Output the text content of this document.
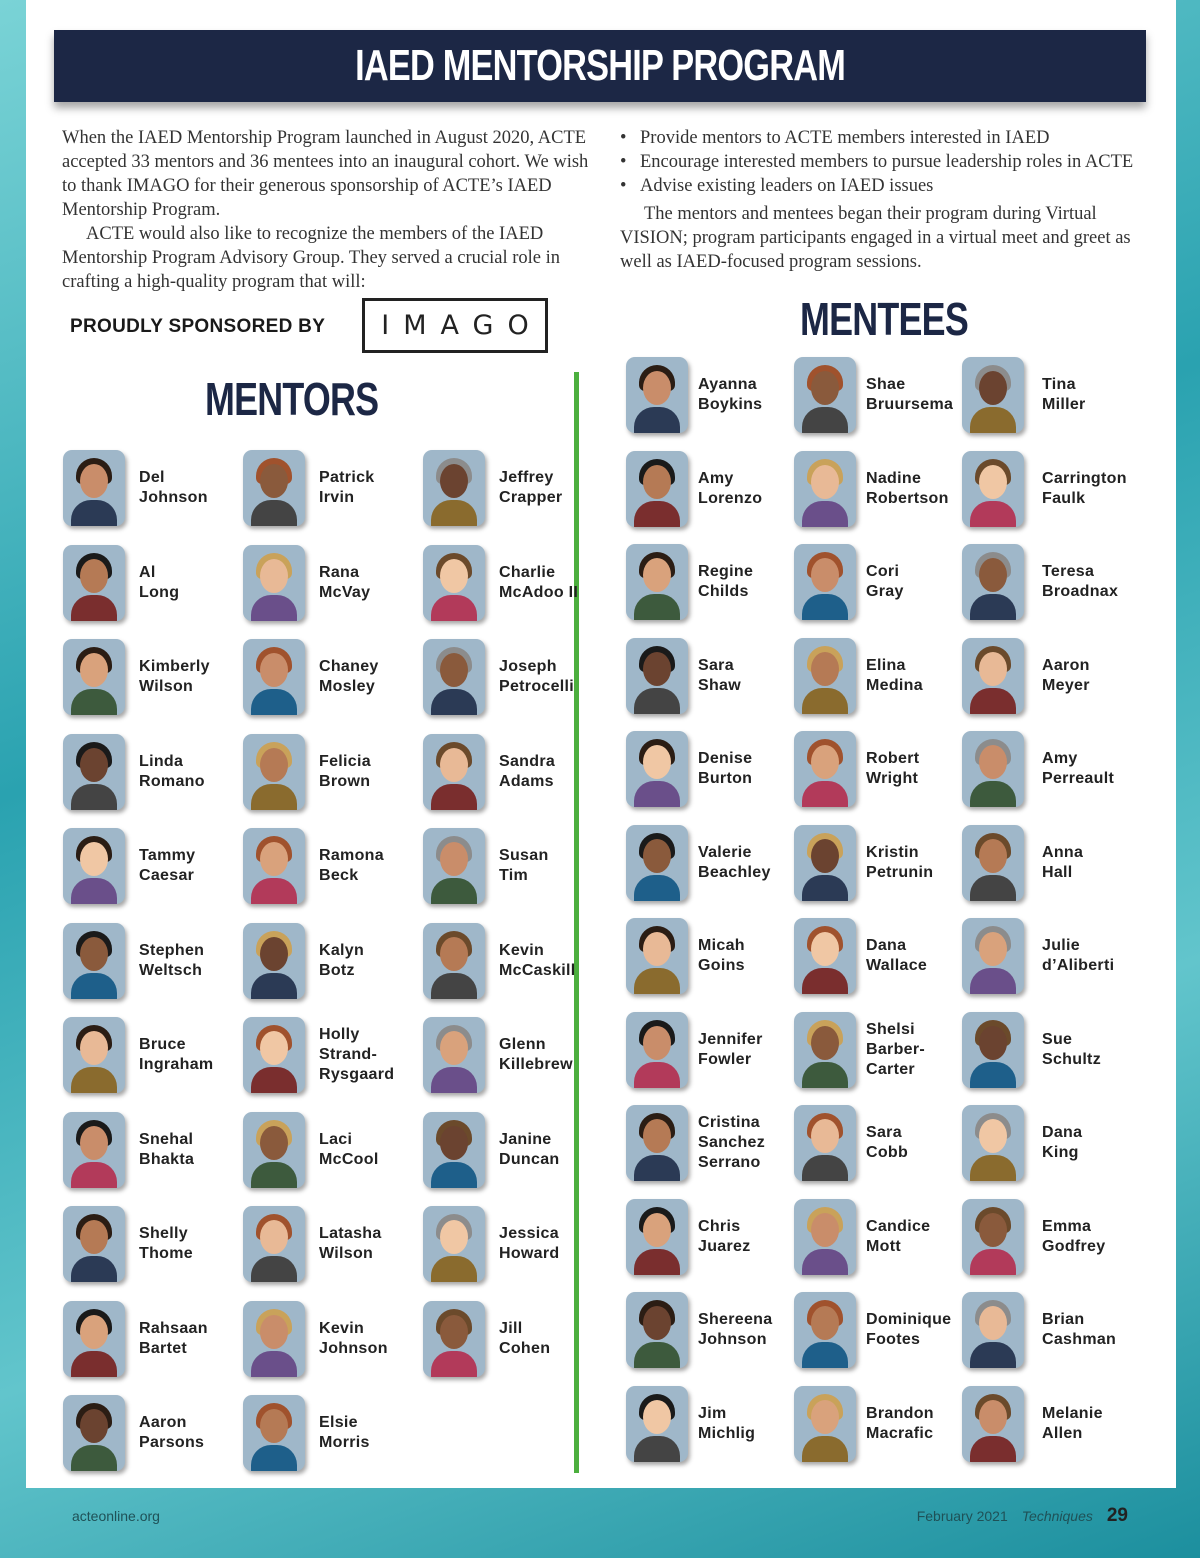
IAED MENTORSHIP PROGRAM

When the IAED Mentorship Program launched in August 2020, ACTE accepted 33 mentors and 36 mentees into an inaugural cohort. We wish to thank IMAGO for their generous sponsorship of ACTE’s IAED Mentorship Program.

ACTE would also like to recognize the members of the IAED Mentorship Program Advisory Group. They served a crucial role in crafting a high-quality program that will:

• Provide mentors to ACTE members interested in IAED
• Encourage interested members to pursue leadership roles in ACTE
• Advise existing leaders on IAED issues

The mentors and mentees began their program during Virtual VISION; program participants engaged in a virtual meet and greet as well as IAED-focused program sessions.

PROUDLY SPONSORED BY IMAGO
MENTORS
MENTEES
Del
Johnson
Patrick
Irvin
Jeffrey
Crapper
Al
Long
Rana
McVay
Charlie
McAdoo II
Kimberly
Wilson
Chaney
Mosley
Joseph
Petrocelli
Linda
Romano
Felicia
Brown
Sandra
Adams
Tammy
Caesar
Ramona
Beck
Susan
Tim
Stephen
Weltsch
Kalyn
Botz
Kevin
McCaskill
Bruce
Ingraham
Holly
Strand-
Rysgaard
Glenn
Killebrew
Snehal
Bhakta
Laci
McCool
Janine
Duncan
Shelly
Thome
Latasha
Wilson
Jessica
Howard
Rahsaan
Bartet
Kevin
Johnson
Jill
Cohen
Aaron
Parsons
Elsie
Morris
Ayanna
Boykins
Shae
Bruursema
Tina
Miller
Amy
Lorenzo
Nadine
Robertson
Carrington
Faulk
Regine
Childs
Cori
Gray
Teresa
Broadnax
Sara
Shaw
Elina
Medina
Aaron
Meyer
Denise
Burton
Robert
Wright
Amy
Perreault
Valerie
Beachley
Kristin
Petrunin
Anna
Hall
Micah
Goins
Dana
Wallace
Julie
d’Aliberti
Jennifer
Fowler
Shelsi
Barber-
Carter
Sue
Schultz
Cristina
Sanchez
Serrano
Sara
Cobb
Dana
King
Chris
Juarez
Candice
Mott
Emma
Godfrey
Shereena
Johnson
Dominique
Footes
Brian
Cashman
Jim
Michlig
Brandon
Macrafic
Melanie
Allen
acteonline.org	February 2021 Techniques 29
